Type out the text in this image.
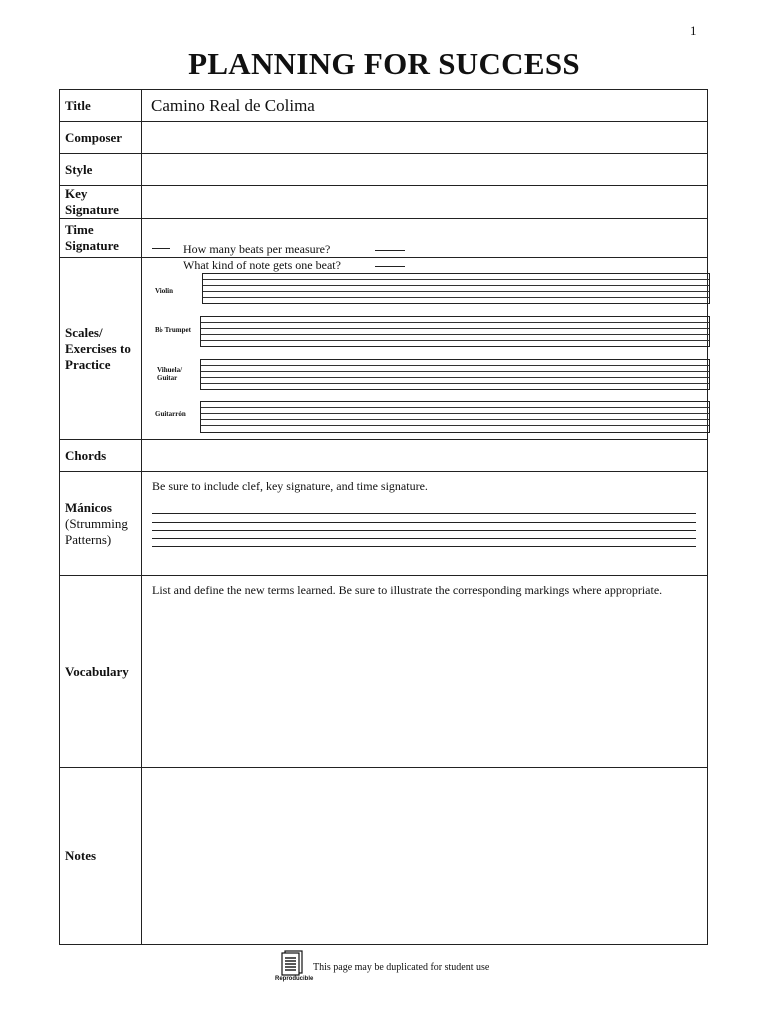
1
PLANNING FOR SUCCESS
Title	Camino Real de Colima
Composer	
Style	
Key Signature	
Time Signature	How many beats per measure?
What kind of note gets one beat?

Scales/ Exercises to Practice	Violin
B♭ Trumpet
Vihuela/ Guitar
Guitarrón

Chords	

Mánicos
(Strumming Patterns)	Be sure to include clef, key signature, and time signature.

Vocabulary	List and define the new terms learned. Be sure to illustrate the corresponding markings where appropriate.

Notes	
Reproducible
This page may be duplicated for student use
